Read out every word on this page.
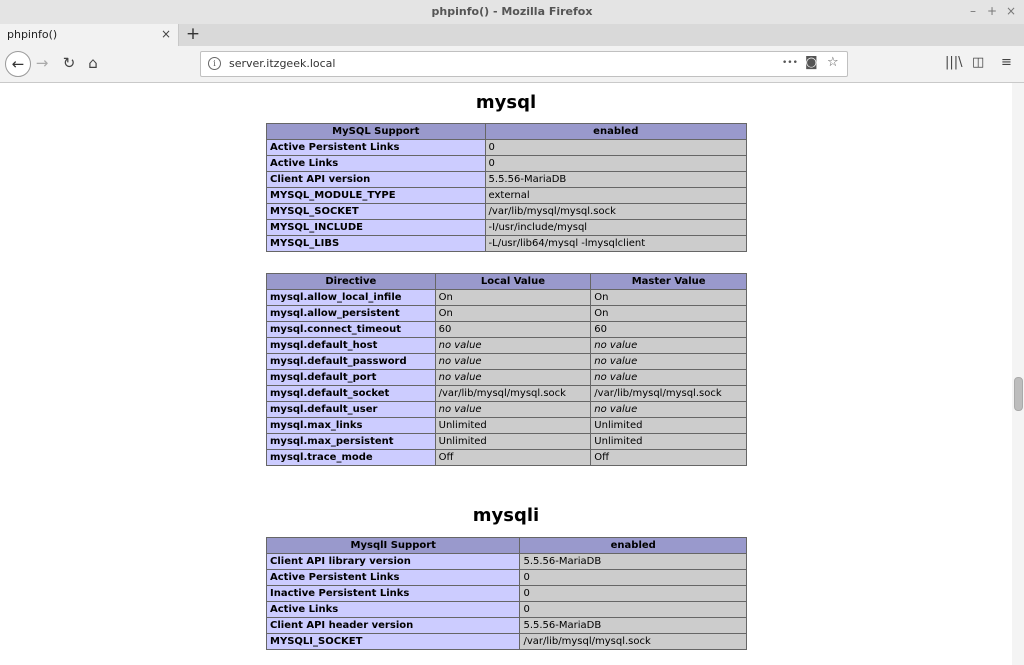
phpinfo() - Mozilla Firefox	– + ×
phpinfo()	× +
← → ↻ ⌂	i	server.itzgeek.local	••• ◙ ☆	|||\ ◫ ≡
mysql
MySQL Support	enabled
Active Persistent Links	0
Active Links	0
Client API version	5.5.56-MariaDB
MYSQL_MODULE_TYPE	external
MYSQL_SOCKET	/var/lib/mysql/mysql.sock
MYSQL_INCLUDE	-I/usr/include/mysql
MYSQL_LIBS	-L/usr/lib64/mysql -lmysqlclient
Directive	Local Value	Master Value
mysql.allow_local_infile	On	On
mysql.allow_persistent	On	On
mysql.connect_timeout	60	60
mysql.default_host	no value	no value
mysql.default_password	no value	no value
mysql.default_port	no value	no value
mysql.default_socket	/var/lib/mysql/mysql.sock	/var/lib/mysql/mysql.sock
mysql.default_user	no value	no value
mysql.max_links	Unlimited	Unlimited
mysql.max_persistent	Unlimited	Unlimited
mysql.trace_mode	Off	Off
mysqli
MysqlI Support	enabled
Client API library version	5.5.56-MariaDB
Active Persistent Links	0
Inactive Persistent Links	0
Active Links	0
Client API header version	5.5.56-MariaDB
MYSQLI_SOCKET	/var/lib/mysql/mysql.sock
